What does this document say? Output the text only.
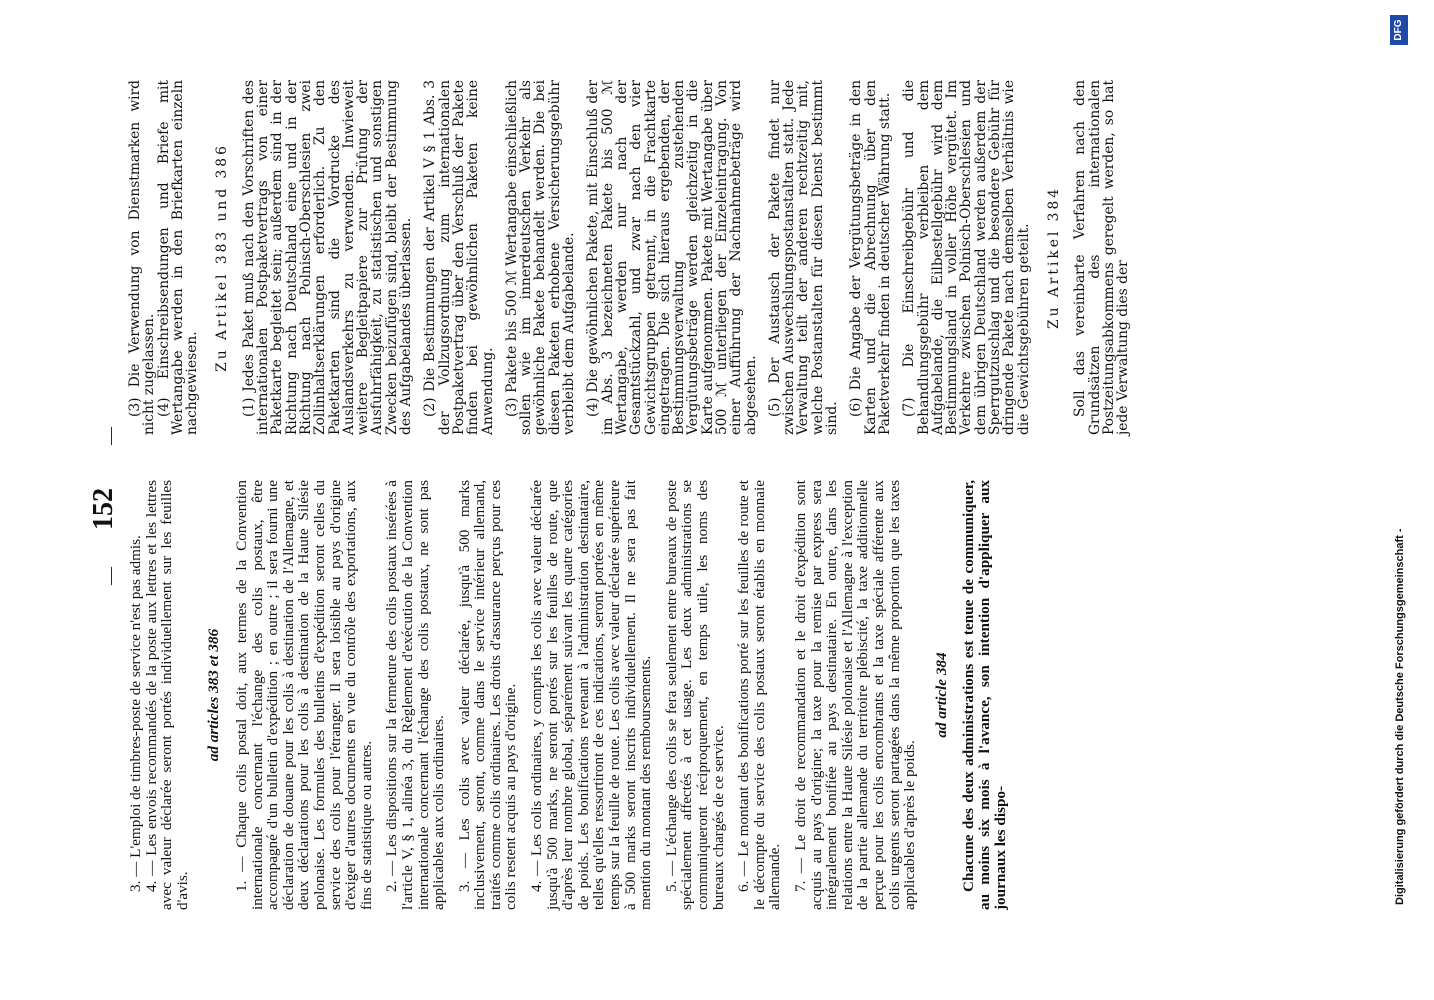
—
152
—

3. — L'emploi de timbres-poste de service n'est pas admis.

4. — Les envois recommandés de la poste aux lettres et les lettres avec valeur déclarée seront portés individuellement sur les feuilles d'avis.

ad articles 383 et 386 1. — Chaque colis postal doit, aux termes de la Convention internationale concernant l'échange des colis postaux, être accompagné d'un bulletin d'expédition ; en outre ; il sera fourni une déclaration de douane pour les colis à destination de l'Allemagne, et deux déclarations pour les colis à destination de la Haute Silésie polonaise. Les formules des bulletins d'expédition seront celles du service des colis pour l'étranger. Il sera loisible au pays d'origine d'exiger d'autres documents en vue du contrôle des exportations, aux fins de statistique ou autres. 2. — Les dispositions sur la fermeture des colis postaux insérées à l'article V, § 1, alinéa 3, du Règlement d'exécution de la Convention internationale concernant l'échange des colis postaux, ne sont pas applicables aux colis ordinaires. 3. — Les colis avec valeur déclarée, jusqu'à 500 marks inclusivement, seront, comme dans le service intérieur allemand, traités comme colis ordinaires. Les droits d'assurance perçus pour ces colis restent acquis au pays d'origine. 4. — Les colis ordinaires, y compris les colis avec valeur déclarée jusqu'à 500 marks, ne seront portés sur les feuilles de route, que d'après leur nombre global, séparément suivant les quatre catégories de poids. Les bonifications revenant à l'administration destinataire, telles qu'elles ressortiront de ces indications, seront portées en même temps sur la feuille de route. Les colis avec valeur déclarée supérieure à 500 marks seront inscrits individuellement. Il ne sera pas fait mention du montant des remboursements. 5. — L'échange des colis se fera seulement entre bureaux de poste spécialement affectés à cet usage. Les deux administrations se communiqueront réciproquement, en temps utile, les noms des bureaux chargés de ce service. 6. — Le montant des bonifications porté sur les feuilles de route et le décompte du service des colis postaux seront établis en monnaie allemande. 7. — Le droit de recommandation et le droit d'expédition sont acquis au pays d'origine; la taxe pour la remise par express sera intégralement bonifiée au pays destinataire. En outre, dans les relations entre la Haute Silésie polonaise et l'Allemagne à l'exception de la partie allemande du territoire plébiscité, la taxe additionnelle perçue pour les colis encombrants et la taxe spéciale afférente aux colis urgents seront partagées dans la même proportion que les taxes applicables d'après le poids.

ad article 384 Chacune des deux administrations est tenue de communiquer, au moins six mois à l'avance, son intention d'appliquer aux journaux les dispo-

(3) Die Verwendung von Dienstmarken wird nicht zugelassen.

(4) Einschreibsendungen und Briefe mit Wertangabe werden in den Briefkarten einzeln nachgewiesen.

Zu Artikel 383 und 386 (1) Jedes Paket muß nach den Vorschriften des internationalen Postpaketvertrags von einer Paketkarte begleitet sein; außerdem sind in der Richtung nach Deutschland eine und in der Richtung nach Polnisch-Oberschlesien zwei Zollinhaltserklärungen erforderlich. Zu den Paketkarten sind die Vordrucke des Auslandsverkehrs zu verwenden. Inwieweit weitere Begleitpapiere zur Prüfung der Ausfuhrfähigkeit, zu statistischen und sonstigen Zwecken beizufügen sind, bleibt der Bestimmung des Aufgabelandes überlassen. (2) Die Bestimmungen der Artikel V § 1 Abs. 3 der Vollzugsordnung zum internationalen Postpaketvertrag über den Verschluß der Pakete finden bei gewöhnlichen Paketen keine Anwendung. (3) Pakete bis 500 ℳ Wertangabe einschließlich sollen wie im innerdeutschen Verkehr als gewöhnliche Pakete behandelt werden. Die bei diesen Paketen erhobene Versicherungsgebühr verbleibt dem Aufgabelande. (4) Die gewöhnlichen Pakete, mit Einschluß der im Abs. 3 bezeichneten Pakete bis 500 ℳ Wertangabe, werden nur nach der Gesamtstückzahl, und zwar nach den vier Gewichtsgruppen getrennt, in die Frachtkarte eingetragen. Die sich hieraus ergebenden, der Bestimmungsverwaltung zustehenden Vergütungsbeträge werden gleichzeitig in die Karte aufgenommen. Pakete mit Wertangabe über 500 ℳ unterliegen der Einzeleintragung. Von einer Aufführung der Nachnahmebeträge wird abgesehen. (5) Der Austausch der Pakete findet nur zwischen Auswechslungspostanstalten statt. Jede Verwaltung teilt der anderen rechtzeitig mit, welche Postanstalten für diesen Dienst bestimmt sind.

(6) Die Angabe der Vergütungsbeträge in den Karten und die Abrechnung über den Paketverkehr finden in deutscher Währung statt. (7) Die Einschreibgebühr und die Behandlungsgebühr verbleiben dem Aufgabelande, die Eilbestellgebühr wird dem Bestimmungsland in voller Höhe vergütet. Im Verkehre zwischen Polnisch-Oberschlesien und dem übrigen Deutschland werden außerdem der Sperrgutzuschlag und die besondere Gebühr für dringende Pakete nach demselben Verhältnis wie die Gewichtsgebühren geteilt. Zu Artikel 384 Soll das vereinbarte Verfahren nach den Grundsätzen des internationalen Postzeitungsabkommens geregelt werden, so hat jede Verwaltung dies der

Digitalisierung gefördert durch die Deutsche Forschungsgemeinschaft -
DFG
